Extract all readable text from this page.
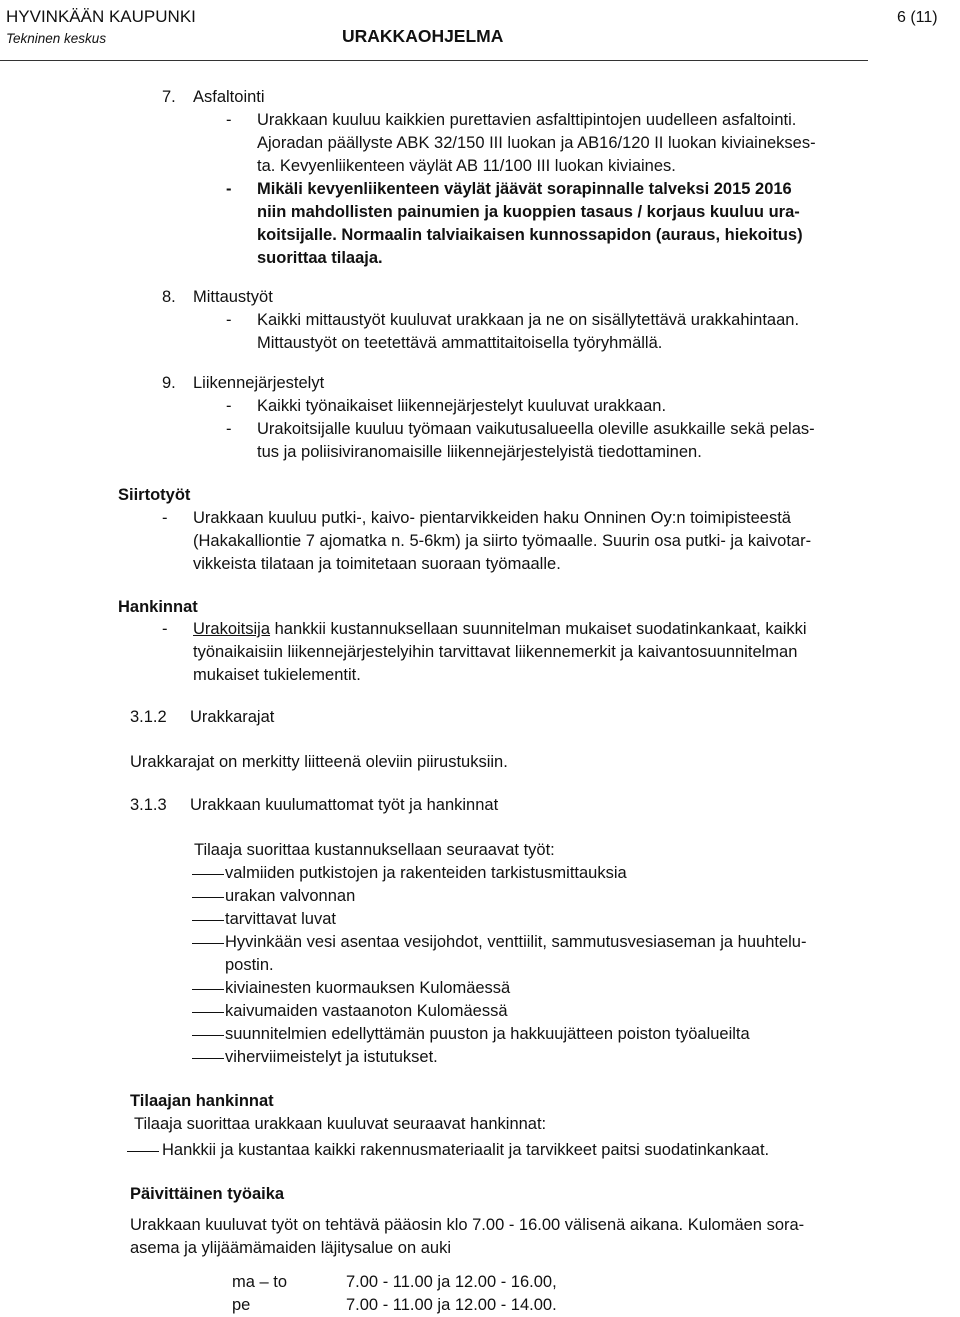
HYVINKÄÄN KAUPUNKI
Tekninen keskus	URAKKAOHJELMA
6 (11)
7. Asfaltointi
- Urakkaan kuuluu kaikkien purettavien asfalttipintojen uudelleen asfaltointi.
Ajoradan päällyste ABK 32/150 III luokan ja AB16/120 II luokan kiviainekses-
ta. Kevyenliikenteen väylät AB 11/100 III luokan kiviaines.
- Mikäli kevyenliikenteen väylät jäävät sorapinnalle talveksi 2015 2016
niin mahdollisten painumien ja kuoppien tasaus / korjaus kuuluu ura-
koitsijalle. Normaalin talviaikaisen kunnossapidon (auraus, hiekoitus)
suorittaa tilaaja.
8. Mittaustyöt
- Kaikki mittaustyöt kuuluvat urakkaan ja ne on sisällytettävä urakkahintaan.
Mittaustyöt on teetettävä ammattitaitoisella työryhmällä.
9. Liikennejärjestelyt
- Kaikki työnaikaiset liikennejärjestelyt kuuluvat urakkaan.
- Urakoitsijalle kuuluu työmaan vaikutusalueella oleville asukkaille sekä pelas-
tus ja poliisiviranomaisille liikennejärjestelyistä tiedottaminen.
Siirtotyöt
- Urakkaan kuuluu putki-, kaivo- pientarvikkeiden haku Onninen Oy:n toimipisteestä
(Hakakalliontie 7 ajomatka n. 5-6km) ja siirto työmaalle. Suurin osa putki- ja kaivotar-
vikkeista tilataan ja toimitetaan suoraan työmaalle.
Hankinnat
- Urakoitsija hankkii kustannuksellaan suunnitelman mukaiset suodatinkankaat, kaikki
työnaikaisiin liikennejärjestelyihin tarvittavat liikennemerkit ja kaivantosuunnitelman
mukaiset tukielementit.
3.1.2 Urakkarajat
Urakkarajat on merkitty liitteenä oleviin piirustuksiin.
3.1.3 Urakkaan kuulumattomat työt ja hankinnat
Tilaaja suorittaa kustannuksellaan seuraavat työt:
valmiiden putkistojen ja rakenteiden tarkistusmittauksia
urakan valvonnan
tarvittavat luvat
Hyvinkään vesi asentaa vesijohdot, venttiilit, sammutusvesiaseman ja huuhtelu-
postin.
kiviainesten kuormauksen Kulomäessä
kaivumaiden vastaanoton Kulomäessä
suunnitelmien edellyttämän puuston ja hakkuujätteen poiston työalueilta
viherviimeistelyt ja istutukset.
Tilaajan hankinnat
Tilaaja suorittaa urakkaan kuuluvat seuraavat hankinnat:
Hankkii ja kustantaa kaikki rakennusmateriaalit ja tarvikkeet paitsi suodatinkankaat.
Päivittäinen työaika
Urakkaan kuuluvat työt on tehtävä pääosin klo 7.00 - 16.00 välisenä aikana. Kulomäen sora-
asema ja ylijäämämaiden läjitysalue on auki
ma – to	7.00 - 11.00 ja 12.00 - 16.00,
pe	7.00 - 11.00 ja 12.00 - 14.00.
